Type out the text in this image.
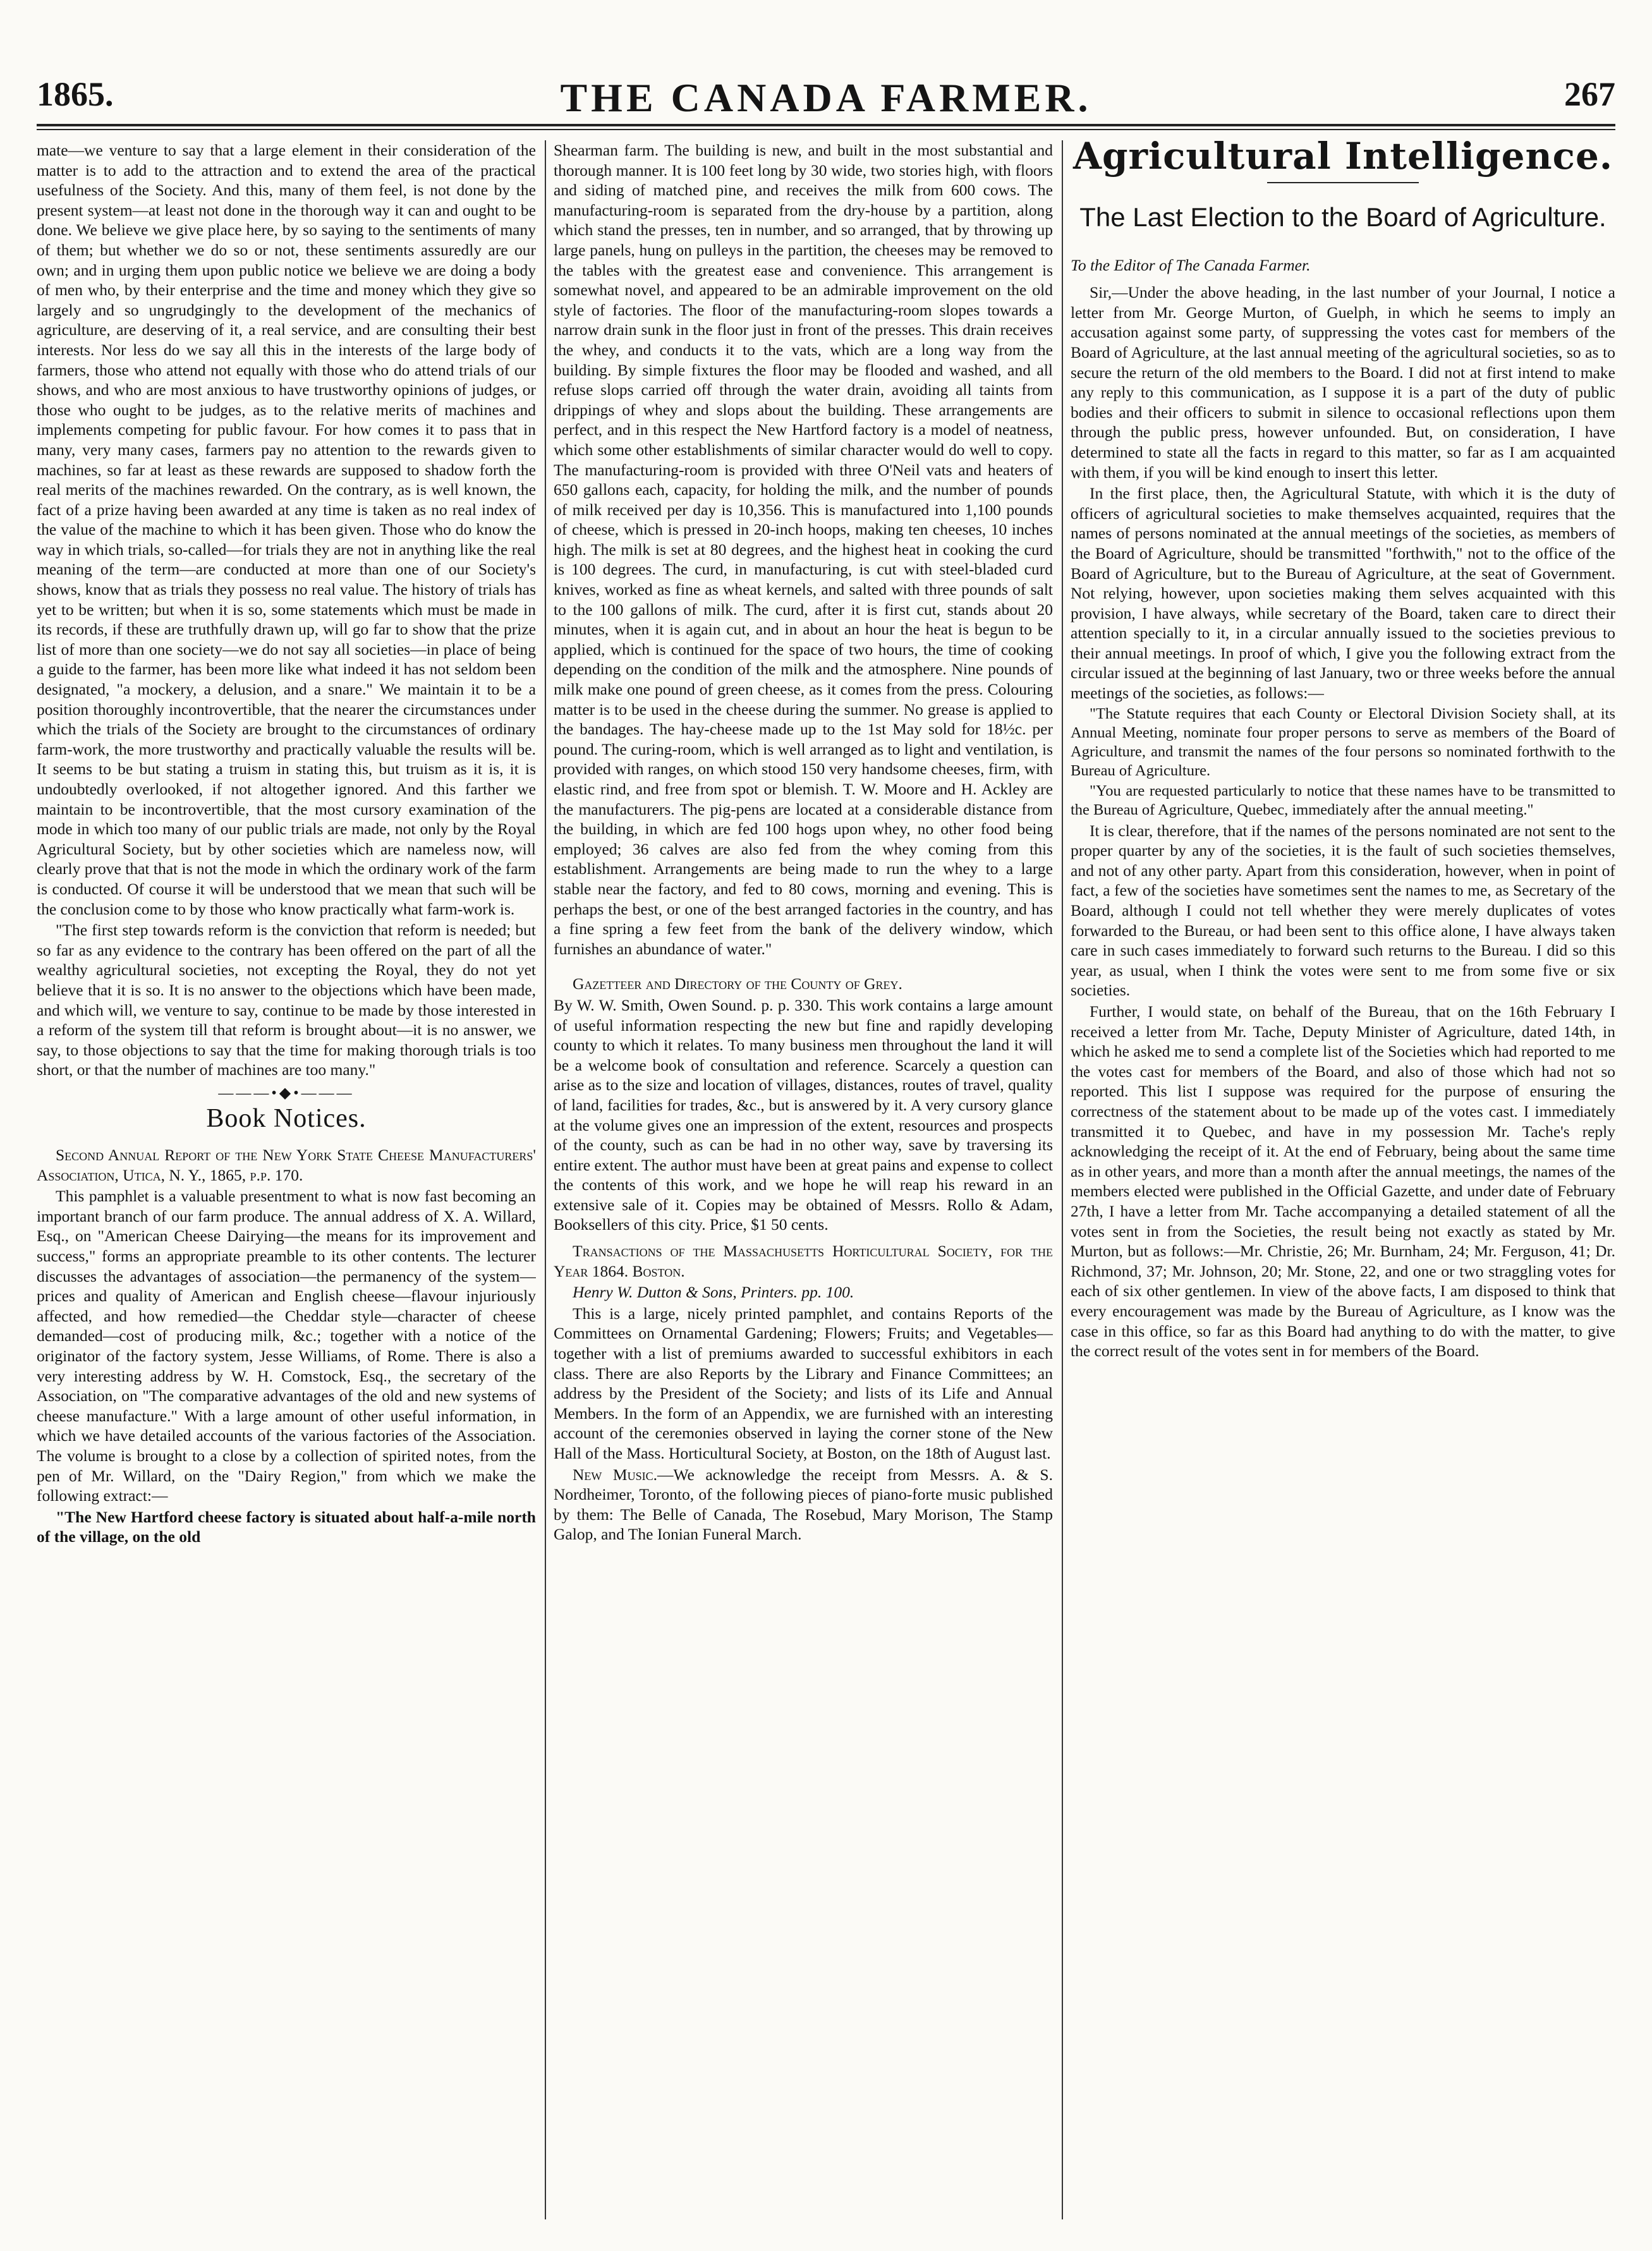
1865.	THE CANADA FARMER.	267

mate—we venture to say that a large element in their consideration of the matter is to add to the attraction and to extend the area of the practical usefulness of the Society. And this, many of them feel, is not done by the present system—at least not done in the thorough way it can and ought to be done. We believe we give place here, by so saying to the sentiments of many of them; but whether we do so or not, these sentiments assuredly are our own; and in urging them upon public notice we believe we are doing a body of men who, by their enterprise and the time and money which they give so largely and so ungrudgingly to the development of the mechanics of agriculture, are deserving of it, a real service, and are consulting their best interests. Nor less do we say all this in the interests of the large body of farmers, those who attend not equally with those who do attend trials of our shows, and who are most anxious to have trustworthy opinions of judges, or those who ought to be judges, as to the relative merits of machines and implements competing for public favour. For how comes it to pass that in many, very many cases, farmers pay no attention to the rewards given to machines, so far at least as these rewards are supposed to shadow forth the real merits of the machines rewarded. On the contrary, as is well known, the fact of a prize having been awarded at any time is taken as no real index of the value of the machine to which it has been given. Those who do know the way in which trials, so-called—for trials they are not in anything like the real meaning of the term—are conducted at more than one of our Society's shows, know that as trials they possess no real value. The history of trials has yet to be written; but when it is so, some statements which must be made in its records, if these are truthfully drawn up, will go far to show that the prize list of more than one society—we do not say all societies—in place of being a guide to the farmer, has been more like what indeed it has not seldom been designated, "a mockery, a delusion, and a snare." We maintain it to be a position thoroughly incontrovertible, that the nearer the circumstances under which the trials of the Society are brought to the circumstances of ordinary farm-work, the more trustworthy and practically valuable the results will be. It seems to be but stating a truism in stating this, but truism as it is, it is undoubtedly overlooked, if not altogether ignored. And this farther we maintain to be incontrovertible, that the most cursory examination of the mode in which too many of our public trials are made, not only by the Royal Agricultural Society, but by other societies which are nameless now, will clearly prove that that is not the mode in which the ordinary work of the farm is conducted. Of course it will be understood that we mean that such will be the conclusion come to by those who know practically what farm-work is.

"The first step towards reform is the conviction that reform is needed; but so far as any evidence to the contrary has been offered on the part of all the wealthy agricultural societies, not excepting the Royal, they do not yet believe that it is so. It is no answer to the objections which have been made, and which will, we venture to say, continue to be made by those interested in a reform of the system till that reform is brought about—it is no answer, we say, to those objections to say that the time for making thorough trials is too short, or that the number of machines are too many."

———•◆•———
Book Notices.

Second Annual Report of the New York State Cheese Manufacturers' Association, Utica, N. Y., 1865, p.p. 170.

This pamphlet is a valuable presentment to what is now fast becoming an important branch of our farm produce. The annual address of X. A. Willard, Esq., on "American Cheese Dairying—the means for its improvement and success," forms an appropriate preamble to its other contents. The lecturer discusses the advantages of association—the permanency of the system—prices and quality of American and English cheese—flavour injuriously affected, and how remedied—the Cheddar style—character of cheese demanded—cost of producing milk, &c.; together with a notice of the originator of the factory system, Jesse Williams, of Rome. There is also a very interesting address by W. H. Comstock, Esq., the secretary of the Association, on "The comparative advantages of the old and new systems of cheese manufacture." With a large amount of other useful information, in which we have detailed accounts of the various factories of the Association. The volume is brought to a close by a collection of spirited notes, from the pen of Mr. Willard, on the "Dairy Region," from which we make the following extract:—

"The New Hartford cheese factory is situated about half-a-mile north of the village, on the old

Shearman farm. The building is new, and built in the most substantial and thorough manner. It is 100 feet long by 30 wide, two stories high, with floors and siding of matched pine, and receives the milk from 600 cows. The manufacturing-room is separated from the dry-house by a partition, along which stand the presses, ten in number, and so arranged, that by throwing up large panels, hung on pulleys in the partition, the cheeses may be removed to the tables with the greatest ease and convenience. This arrangement is somewhat novel, and appeared to be an admirable improvement on the old style of factories. The floor of the manufacturing-room slopes towards a narrow drain sunk in the floor just in front of the presses. This drain receives the whey, and conducts it to the vats, which are a long way from the building. By simple fixtures the floor may be flooded and washed, and all refuse slops carried off through the water drain, avoiding all taints from drippings of whey and slops about the building. These arrangements are perfect, and in this respect the New Hartford factory is a model of neatness, which some other establishments of similar character would do well to copy. The manufacturing-room is provided with three O'Neil vats and heaters of 650 gallons each, capacity, for holding the milk, and the number of pounds of milk received per day is 10,356. This is manufactured into 1,100 pounds of cheese, which is pressed in 20-inch hoops, making ten cheeses, 10 inches high. The milk is set at 80 degrees, and the highest heat in cooking the curd is 100 degrees. The curd, in manufacturing, is cut with steel-bladed curd knives, worked as fine as wheat kernels, and salted with three pounds of salt to the 100 gallons of milk. The curd, after it is first cut, stands about 20 minutes, when it is again cut, and in about an hour the heat is begun to be applied, which is continued for the space of two hours, the time of cooking depending on the condition of the milk and the atmosphere. Nine pounds of milk make one pound of green cheese, as it comes from the press. Colouring matter is to be used in the cheese during the summer. No grease is applied to the bandages. The hay-cheese made up to the 1st May sold for 18½c. per pound. The curing-room, which is well arranged as to light and ventilation, is provided with ranges, on which stood 150 very handsome cheeses, firm, with elastic rind, and free from spot or blemish. T. W. Moore and H. Ackley are the manufacturers. The pig-pens are located at a considerable distance from the building, in which are fed 100 hogs upon whey, no other food being employed; 36 calves are also fed from the whey coming from this establishment. Arrangements are being made to run the whey to a large stable near the factory, and fed to 80 cows, morning and evening. This is perhaps the best, or one of the best arranged factories in the country, and has a fine spring a few feet from the bank of the delivery window, which furnishes an abundance of water."

Gazetteer and Directory of the County of Grey.

By W. W. Smith, Owen Sound. p. p. 330. This work contains a large amount of useful information respecting the new but fine and rapidly developing county to which it relates. To many business men throughout the land it will be a welcome book of consultation and reference. Scarcely a question can arise as to the size and location of villages, distances, routes of travel, quality of land, facilities for trades, &c., but is answered by it. A very cursory glance at the volume gives one an impression of the extent, resources and prospects of the county, such as can be had in no other way, save by traversing its entire extent. The author must have been at great pains and expense to collect the contents of this work, and we hope he will reap his reward in an extensive sale of it. Copies may be obtained of Messrs. Rollo & Adam, Booksellers of this city. Price, $1 50 cents.

Transactions of the Massachusetts Horticultural Society, for the Year 1864. Boston.

Henry W. Dutton & Sons, Printers. pp. 100.

This is a large, nicely printed pamphlet, and contains Reports of the Committees on Ornamental Gardening; Flowers; Fruits; and Vegetables—together with a list of premiums awarded to successful exhibitors in each class. There are also Reports by the Library and Finance Committees; an address by the President of the Society; and lists of its Life and Annual Members. In the form of an Appendix, we are furnished with an interesting account of the ceremonies observed in laying the corner stone of the New Hall of the Mass. Horticultural Society, at Boston, on the 18th of August last.

New Music.—We acknowledge the receipt from Messrs. A. & S. Nordheimer, Toronto, of the following pieces of piano-forte music published by them: The Belle of Canada, The Rosebud, Mary Morison, The Stamp Galop, and The Ionian Funeral March.

Agricultural Intelligence.
The Last Election to the Board of Agriculture.

To the Editor of The Canada Farmer.

Sir,—Under the above heading, in the last number of your Journal, I notice a letter from Mr. George Murton, of Guelph, in which he seems to imply an accusation against some party, of suppressing the votes cast for members of the Board of Agriculture, at the last annual meeting of the agricultural societies, so as to secure the return of the old members to the Board. I did not at first intend to make any reply to this communication, as I suppose it is a part of the duty of public bodies and their officers to submit in silence to occasional reflections upon them through the public press, however unfounded. But, on consideration, I have determined to state all the facts in regard to this matter, so far as I am acquainted with them, if you will be kind enough to insert this letter.

In the first place, then, the Agricultural Statute, with which it is the duty of officers of agricultural societies to make themselves acquainted, requires that the names of persons nominated at the annual meetings of the societies, as members of the Board of Agriculture, should be transmitted "forthwith," not to the office of the Board of Agriculture, but to the Bureau of Agriculture, at the seat of Government. Not relying, however, upon societies making them selves acquainted with this provision, I have always, while secretary of the Board, taken care to direct their attention specially to it, in a circular annually issued to the societies previous to their annual meetings. In proof of which, I give you the following extract from the circular issued at the beginning of last January, two or three weeks before the annual meetings of the societies, as follows:—

"The Statute requires that each County or Electoral Division Society shall, at its Annual Meeting, nominate four proper persons to serve as members of the Board of Agriculture, and transmit the names of the four persons so nominated forthwith to the Bureau of Agriculture.

"You are requested particularly to notice that these names have to be transmitted to the Bureau of Agriculture, Quebec, immediately after the annual meeting."

It is clear, therefore, that if the names of the persons nominated are not sent to the proper quarter by any of the societies, it is the fault of such societies themselves, and not of any other party. Apart from this consideration, however, when in point of fact, a few of the societies have sometimes sent the names to me, as Secretary of the Board, although I could not tell whether they were merely duplicates of votes forwarded to the Bureau, or had been sent to this office alone, I have always taken care in such cases immediately to forward such returns to the Bureau. I did so this year, as usual, when I think the votes were sent to me from some five or six societies.

Further, I would state, on behalf of the Bureau, that on the 16th February I received a letter from Mr. Tache, Deputy Minister of Agriculture, dated 14th, in which he asked me to send a complete list of the Societies which had reported to me the votes cast for members of the Board, and also of those which had not so reported. This list I suppose was required for the purpose of ensuring the correctness of the statement about to be made up of the votes cast. I immediately transmitted it to Quebec, and have in my possession Mr. Tache's reply acknowledging the receipt of it. At the end of February, being about the same time as in other years, and more than a month after the annual meetings, the names of the members elected were published in the Official Gazette, and under date of February 27th, I have a letter from Mr. Tache accompanying a detailed statement of all the votes sent in from the Societies, the result being not exactly as stated by Mr. Murton, but as follows:—Mr. Christie, 26; Mr. Burnham, 24; Mr. Ferguson, 41; Dr. Richmond, 37; Mr. Johnson, 20; Mr. Stone, 22, and one or two straggling votes for each of six other gentlemen. In view of the above facts, I am disposed to think that every encouragement was made by the Bureau of Agriculture, as I know was the case in this office, so far as this Board had anything to do with the matter, to give the correct result of the votes sent in for members of the Board.
